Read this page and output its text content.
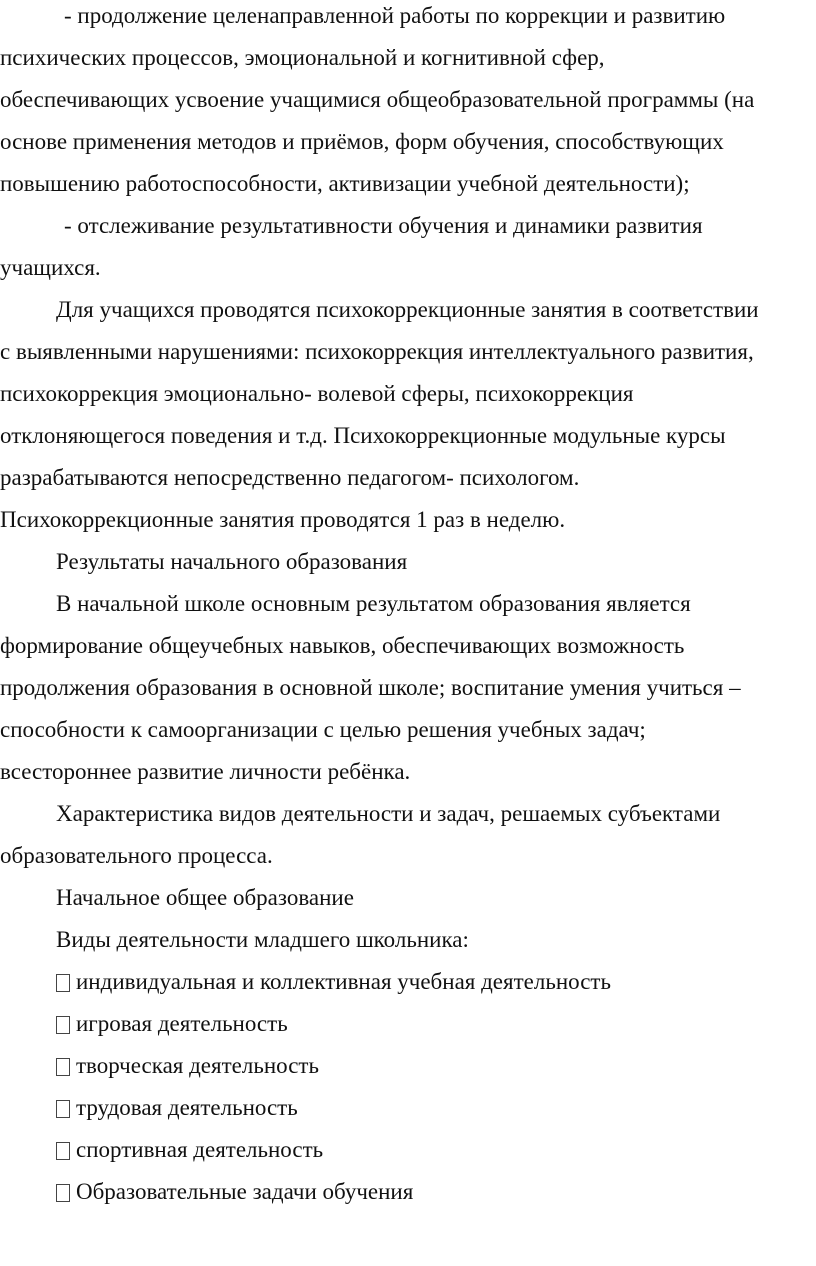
- продолжение целенаправленной работы по коррекции и развитию
психических процессов, эмоциональной и когнитивной сфер,
обеспечивающих усвоение учащимися общеобразовательной программы (на
основе применения методов и приёмов, форм обучения, способствующих
повышению работоспособности, активизации учебной деятельности);
- отслеживание результативности обучения и динамики развития
учащихся.
Для учащихся проводятся психокоррекционные занятия в соответствии
с выявленными нарушениями: психокоррекция интеллектуального развития,
психокоррекция эмоционально- волевой сферы, психокоррекция
отклоняющегося поведения и т.д. Психокоррекционные модульные курсы
разрабатываются непосредственно педагогом- психологом.
Психокоррекционные занятия проводятся 1 раз в неделю.
Результаты начального образования
В начальной школе основным результатом образования является
формирование общеучебных навыков, обеспечивающих возможность
продолжения образования в основной школе; воспитание умения учиться –
способности к самоорганизации с целью решения учебных задач;
всестороннее развитие личности ребёнка.
Характеристика видов деятельности и задач, решаемых субъектами
образовательного процесса.
Начальное общее образование
Виды деятельности младшего школьника:
индивидуальная и коллективная учебная деятельность
игровая деятельность
творческая деятельность
трудовая деятельность
спортивная деятельность
Образовательные задачи обучения
